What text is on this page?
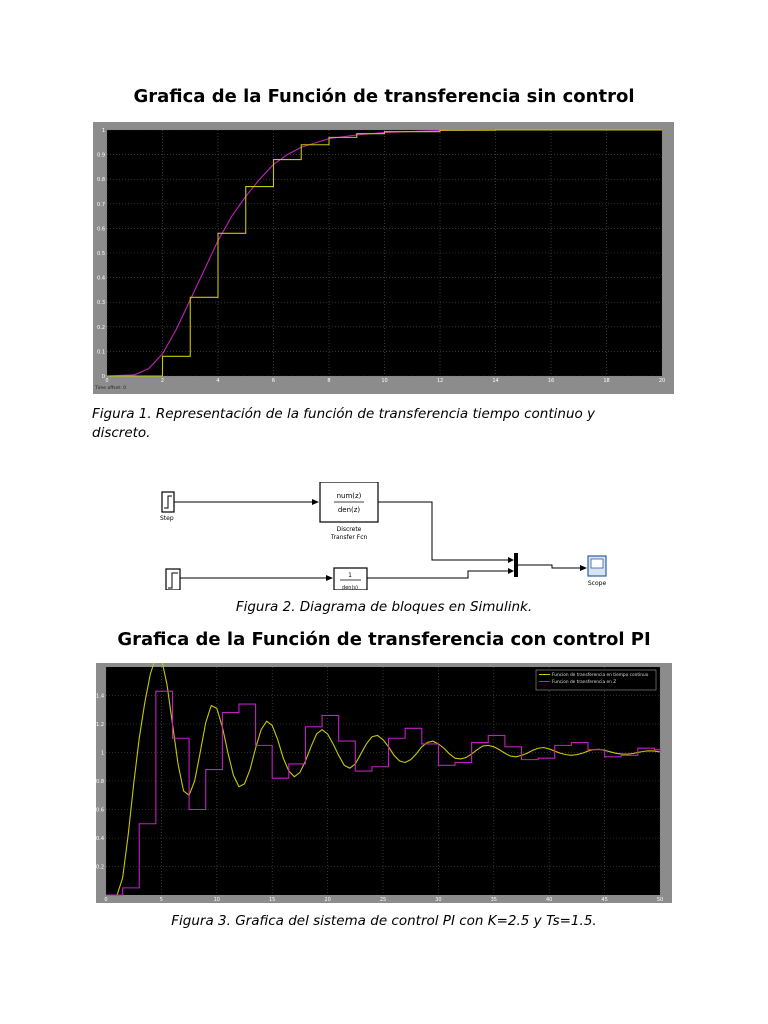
Grafica de la Función de transferencia sin control
0	2	4	6	8	10	12	14	16	18	20
0
0.1
0.2
0.3
0.4
0.5
0.6
0.7
0.8
0.9
1
Time offset: 0
Figura 1. Representación de la función de transferencia tiempo continuo y discreto.
Step
num(z)
den(z)
Discrete
Transfer Fcn
1
den(s)
Scope
Figura 2. Diagrama de bloques en Simulink.
Grafica de la Función de transferencia con control PI
0	5	10	15	20	25	30	35	40	45	50
0.2
0.4
0.6
0.8
1
1.2
1.4
Funcion de transferencia en tiempo continuo
Funcion de transferencia en Z
Figura 3. Grafica del sistema de control PI con K=2.5 y Ts=1.5.
